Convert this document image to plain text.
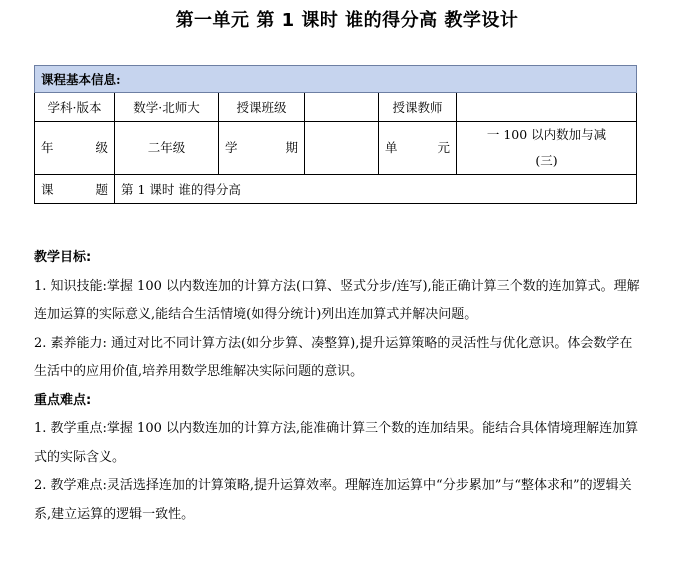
第一单元 第 1 课时 谁的得分高 教学设计
课程基本信息:					
学科·版本	数学·北师大	授课班级		授课教师	
年 级	二年级	学 期		单 元	一 100 以内数加与减
(三)

课 题	第 1 课时 谁的得分高				

教学目标:

1. 知识技能:掌握 100 以内数连加的计算方法(口算、竖式分步/连写),能正确计算三个数的连加算式。理解连加运算的实际意义,能结合生活情境(如得分统计)列出连加算式并解决问题。

2. 素养能力: 通过对比不同计算方法(如分步算、凑整算),提升运算策略的灵活性与优化意识。体会数学在生活中的应用价值,培养用数学思维解决实际问题的意识。

重点难点:

1. 教学重点:掌握 100 以内数连加的计算方法,能准确计算三个数的连加结果。能结合具体情境理解连加算式的实际含义。

2. 教学难点:灵活选择连加的计算策略,提升运算效率。理解连加运算中“分步累加”与“整体求和”的逻辑关系,建立运算的逻辑一致性。
